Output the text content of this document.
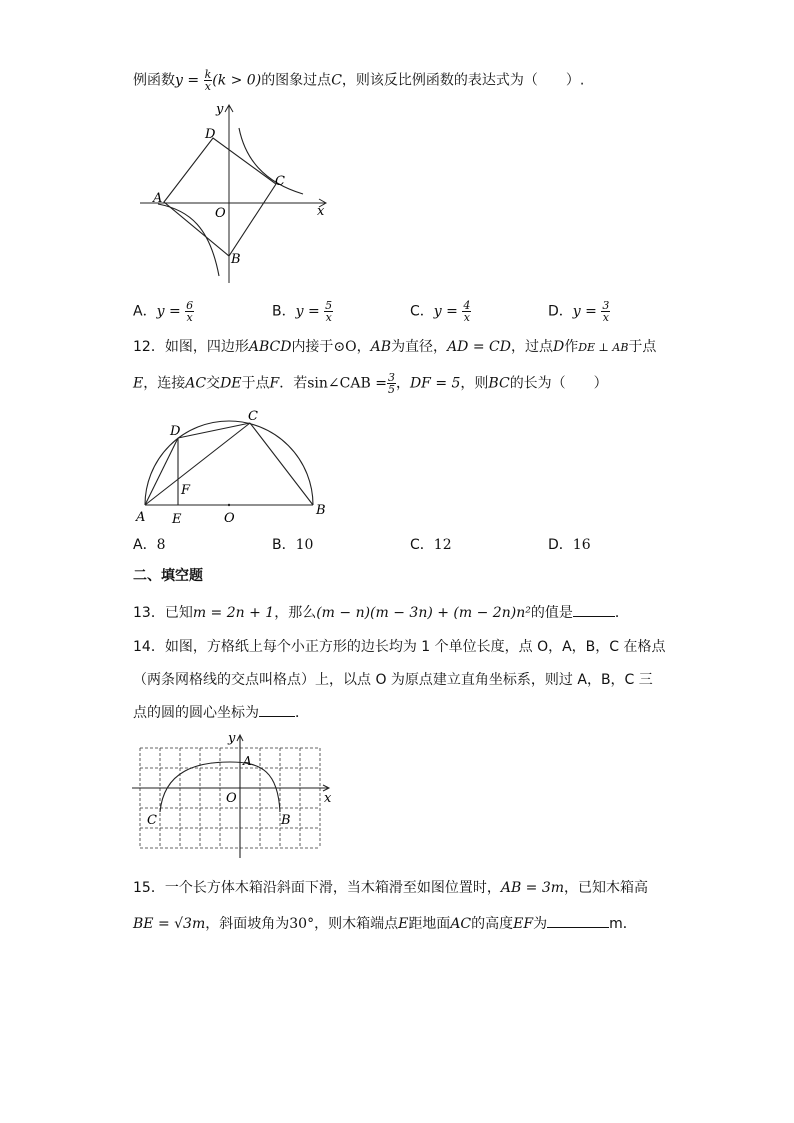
例函数$y = \frac{k}{x} (k > 0)$的图象过点C，则该反比例函数的表达式为（　　）.
y
x
D
A
O
C
B
A．$y = \frac{6}{x}$	B．$y = \frac{5}{x}$	C．$y = \frac{4}{x}$	D．$y = \frac{3}{x}$
12．如图，四边形ABCD内接于⊙O，AB为直径，AD = CD，过点D作DE ⊥ AB于点
E，连接AC交DE于点F．若sin∠CAB = $\frac{3}{5}$ ，DF = 5，则BC的长为（　　）
D
C
F
A E	O
B
A．8	B．10	C．12	D．16
二、填空题
13．已知m = 2n + 1，那么(m − n)(m − 3n) + (m − 2n)n²的值是	．
14．如图，方格纸上每个小正方形的边长均为 1 个单位长度，点 O，A，B，C 在格点
（两条网格线的交点叫格点）上，以点 O 为原点建立直角坐标系，则过 A，B，C 三
点的圆的圆心坐标为	．
y
x
A
O
C	B
15．一个长方体木箱沿斜面下滑，当木箱滑至如图位置时，AB = 3m，已知木箱高
BE = √3m，斜面坡角为30°，则木箱端点E距地面AC的高度EF为	m．
